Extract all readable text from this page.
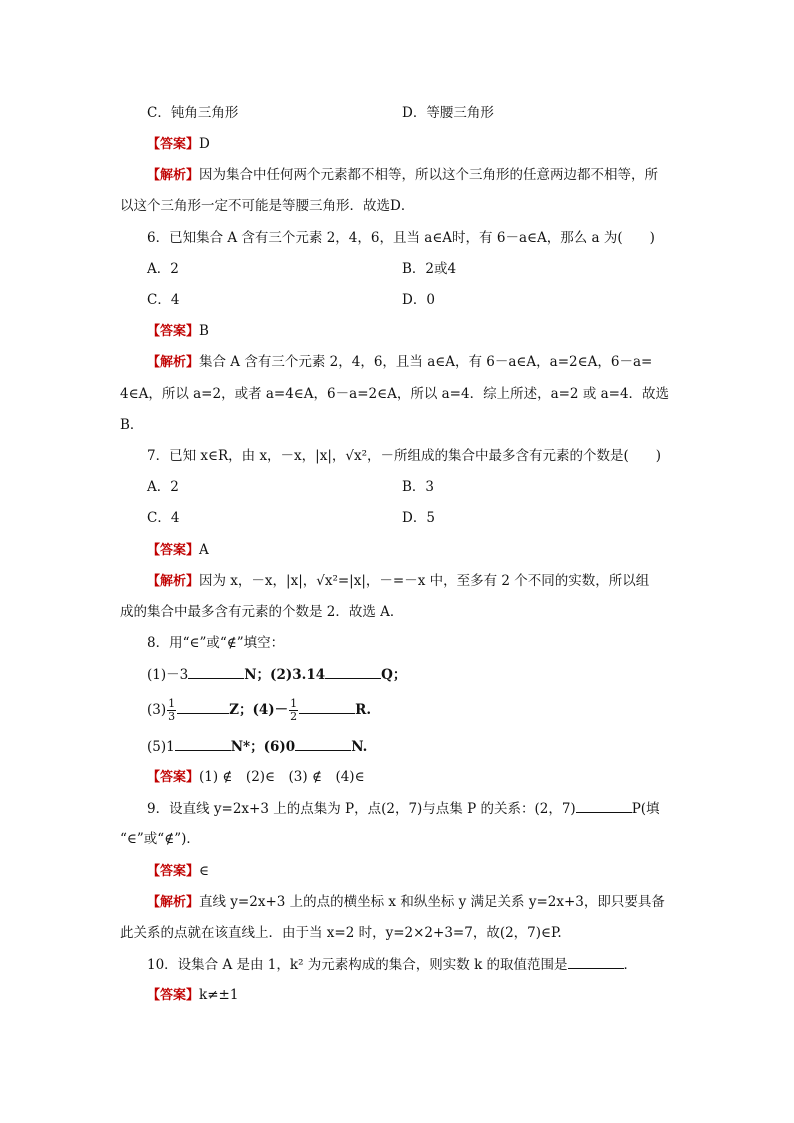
C．钝角三角形	D．等腰三角形
【答案】D
【解析】因为集合中任何两个元素都不相等，所以这个三角形的任意两边都不相等，所
以这个三角形一定不可能是等腰三角形．故选D．
6．已知集合 A 含有三个元素 2，4，6，且当 a∈A时，有 6－a∈A，那么 a 为(　　)
A．2	B．2或4
C．4	D．0
【答案】B
【解析】集合 A 含有三个元素 2，4，6，且当 a∈A，有 6－a∈A，a=2∈A，6－a=
4∈A，所以 a=2，或者 a=4∈A，6－a=2∈A，所以 a=4．综上所述，a=2 或 a=4．故选
B．
7．已知 x∈R，由 x，－x，|x|，√x²，－所组成的集合中最多含有元素的个数是(　　)
A．2	B．3
C．4	D．5
【答案】A
【解析】因为 x，－x，|x|，√x²=|x|，－=－x 中，至多有 2 个不同的实数，所以组
成的集合中最多含有元素的个数是 2．故选 A．
8．用“∈”或“∉”填空：
(1)－3	N；(2)3.14	Q；
$(3) \frac{1}{3}$	Z；$(4)- \frac{1}{2}$	R.
(5)1	N*；(6)0	N.
【答案】(1) ∉　(2)∈　(3) ∉　(4)∈
9．设直线 y=2x+3 上的点集为 P，点(2，7)与点集 P 的关系：(2，7)	P(填
“∈”或“∉”)．
【答案】∈
【解析】直线 y=2x+3 上的点的横坐标 x 和纵坐标 y 满足关系 y=2x+3，即只要具备
此关系的点就在该直线上．由于当 x=2 时，y=2×2+3=7，故(2，7)∈P.
10．设集合 A 是由 1，k² 为元素构成的集合，则实数 k 的取值范围是	．
【答案】k≠±1
